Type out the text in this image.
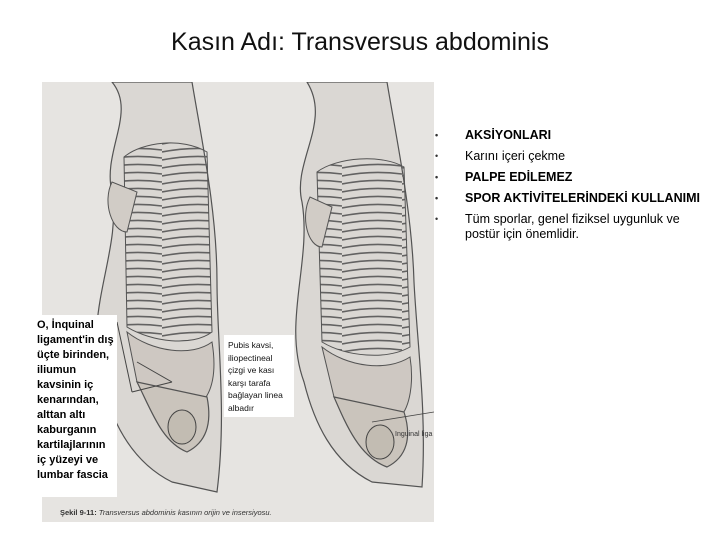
Kasın Adı: Transversus abdominis
Inguinal liga
Şekil 9-11: Transversus abdominis kasının orijin ve insersiyosu.
O, İnquinal ligament'in dış üçte birinden, iliumun kavsinin iç kenarından, alttan altı kaburganın kartilajlarının iç yüzeyi ve lumbar fascia
Pubis kavsi, iliopectineal çizgi ve kası karşı tarafa bağlayan linea albadır
• AKSİYONLARI
• Karını içeri çekme
• PALPE EDİLEMEZ
• SPOR AKTİVİTELERİNDEKİ KULLANIMI
• Tüm sporlar, genel fiziksel uygunluk ve postür için önemlidir.
